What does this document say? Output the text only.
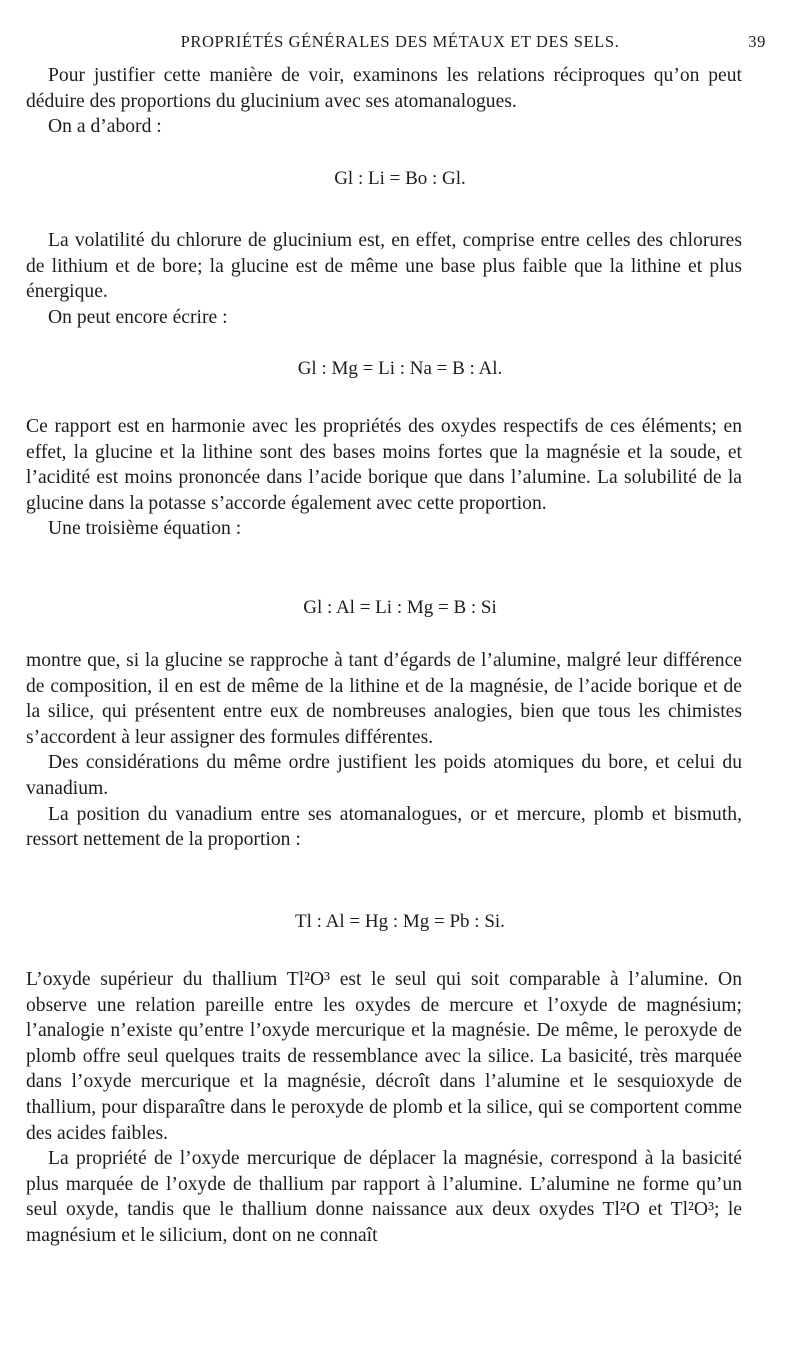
PROPRIÉTÉS GÉNÉRALES DES MÉTAUX ET DES SELS.	39

Pour justifier cette manière de voir, examinons les relations réciproques qu’on peut déduire des proportions du glucinium avec ses atomanalogues.

On a d’abord :

Gl : Li = Bo : Gl.

La volatilité du chlorure de glucinium est, en effet, comprise entre celles des chlorures de lithium et de bore; la glucine est de même une base plus faible que la lithine et plus énergique.

On peut encore écrire :

Gl : Mg = Li : Na = B : Al.

Ce rapport est en harmonie avec les propriétés des oxydes respectifs de ces éléments; en effet, la glucine et la lithine sont des bases moins fortes que la magnésie et la soude, et l’acidité est moins prononcée dans l’acide borique que dans l’alumine. La solubilité de la glucine dans la potasse s’accorde également avec cette proportion.

Une troisième équation :

Gl : Al = Li : Mg = B : Si

montre que, si la glucine se rapproche à tant d’égards de l’alumine, malgré leur différence de composition, il en est de même de la lithine et de la magnésie, de l’acide borique et de la silice, qui présentent entre eux de nombreuses analogies, bien que tous les chimistes s’accordent à leur assigner des formules différentes.

Des considérations du même ordre justifient les poids atomiques du bore, et celui du vanadium.

La position du vanadium entre ses atomanalogues, or et mercure, plomb et bismuth, ressort nettement de la proportion :

Tl : Al = Hg : Mg = Pb : Si.

L’oxyde supérieur du thallium Tl²O³ est le seul qui soit comparable à l’alumine. On observe une relation pareille entre les oxydes de mercure et l’oxyde de magnésium; l’analogie n’existe qu’entre l’oxyde mercurique et la magnésie. De même, le peroxyde de plomb offre seul quelques traits de ressemblance avec la silice. La basicité, très marquée dans l’oxyde mercurique et la magnésie, décroît dans l’alumine et le sesquioxyde de thallium, pour disparaître dans le peroxyde de plomb et la silice, qui se comportent comme des acides faibles.

La propriété de l’oxyde mercurique de déplacer la magnésie, correspond à la basicité plus marquée de l’oxyde de thallium par rapport à l’alumine. L’alumine ne forme qu’un seul oxyde, tandis que le thallium donne naissance aux deux oxydes Tl²O et Tl²O³; le magnésium et le silicium, dont on ne connaît
